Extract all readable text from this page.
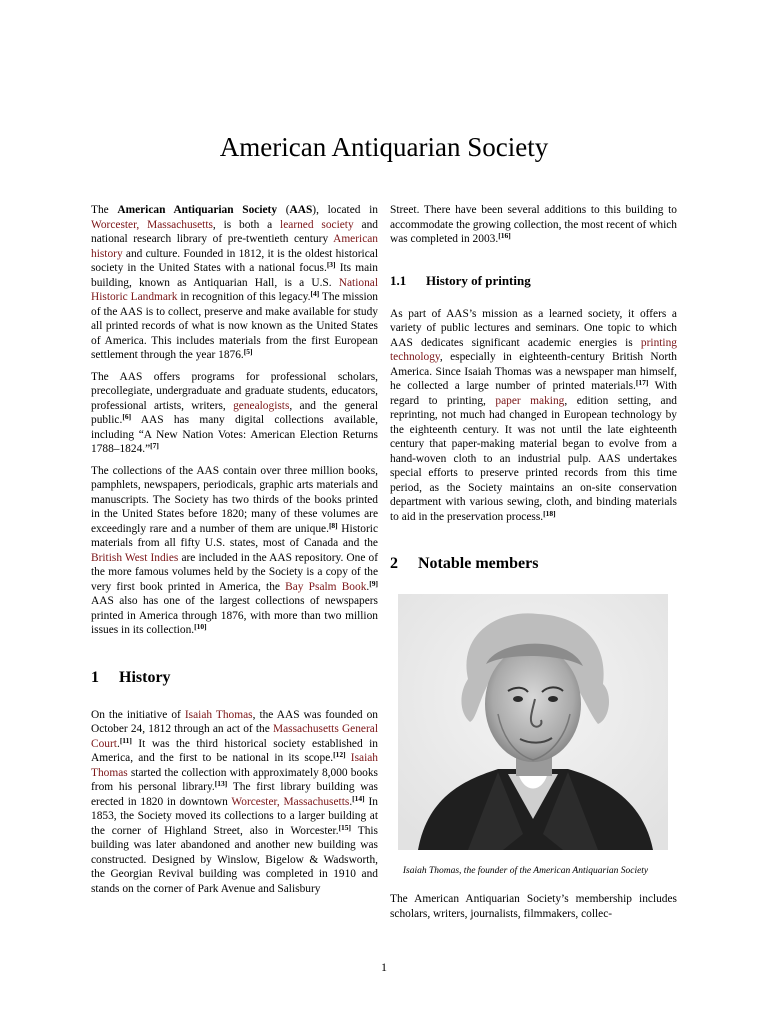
American Antiquarian Society

The American Antiquarian Society (AAS), located in Worcester, Massachusetts, is both a learned society and national research library of pre-twentieth century American history and culture. Founded in 1812, it is the oldest historical society in the United States with a national focus.[3] Its main building, known as Antiquarian Hall, is a U.S. National Historic Landmark in recognition of this legacy.[4] The mission of the AAS is to collect, preserve and make available for study all printed records of what is now known as the United States of America. This includes materials from the first European settlement through the year 1876.[5]

The AAS offers programs for professional scholars, precollegiate, undergraduate and graduate students, educators, professional artists, writers, genealogists, and the general public.[6] AAS has many digital collections available, including “A New Nation Votes: American Election Returns 1788–1824.”[7]

The collections of the AAS contain over three million books, pamphlets, newspapers, periodicals, graphic arts materials and manuscripts. The Society has two thirds of the books printed in the United States before 1820; many of these volumes are exceedingly rare and a number of them are unique.[8] Historic materials from all fifty U.S. states, most of Canada and the British West Indies are included in the AAS repository. One of the more famous volumes held by the Society is a copy of the very first book printed in America, the Bay Psalm Book.[9] AAS also has one of the largest collections of newspapers printed in America through 1876, with more than two million issues in its collection.[10]

1 History

On the initiative of Isaiah Thomas, the AAS was founded on October 24, 1812 through an act of the Massachusetts General Court.[11] It was the third historical society established in America, and the first to be national in its scope.[12] Isaiah Thomas started the collection with approximately 8,000 books from his personal library.[13] The first library building was erected in 1820 in downtown Worcester, Massachusetts.[14] In 1853, the Society moved its collections to a larger building at the corner of Highland Street, also in Worcester.[15] This building was later abandoned and another new building was constructed. Designed by Winslow, Bigelow & Wadsworth, the Georgian Revival building was completed in 1910 and stands on the corner of Park Avenue and Salisbury

Street. There have been several additions to this building to accommodate the growing collection, the most recent of which was completed in 2003.[16]

1.1 History of printing

As part of AAS’s mission as a learned society, it offers a variety of public lectures and seminars. One topic to which AAS dedicates significant academic energies is printing technology, especially in eighteenth-century British North America. Since Isaiah Thomas was a newspaper man himself, he collected a large number of printed materials.[17] With regard to printing, paper making, edition setting, and reprinting, not much had changed in European technology by the eighteenth century. It was not until the late eighteenth century that paper-making material began to evolve from a hand-woven cloth to an industrial pulp. AAS undertakes special efforts to preserve printed records from this time period, as the Society maintains an on-site conservation department with various sewing, cloth, and binding materials to aid in the preservation process.[18]

2 Notable members
Isaiah Thomas, the founder of the American Antiquarian Society

The American Antiquarian Society’s membership includes scholars, writers, journalists, filmmakers, collec-

1
